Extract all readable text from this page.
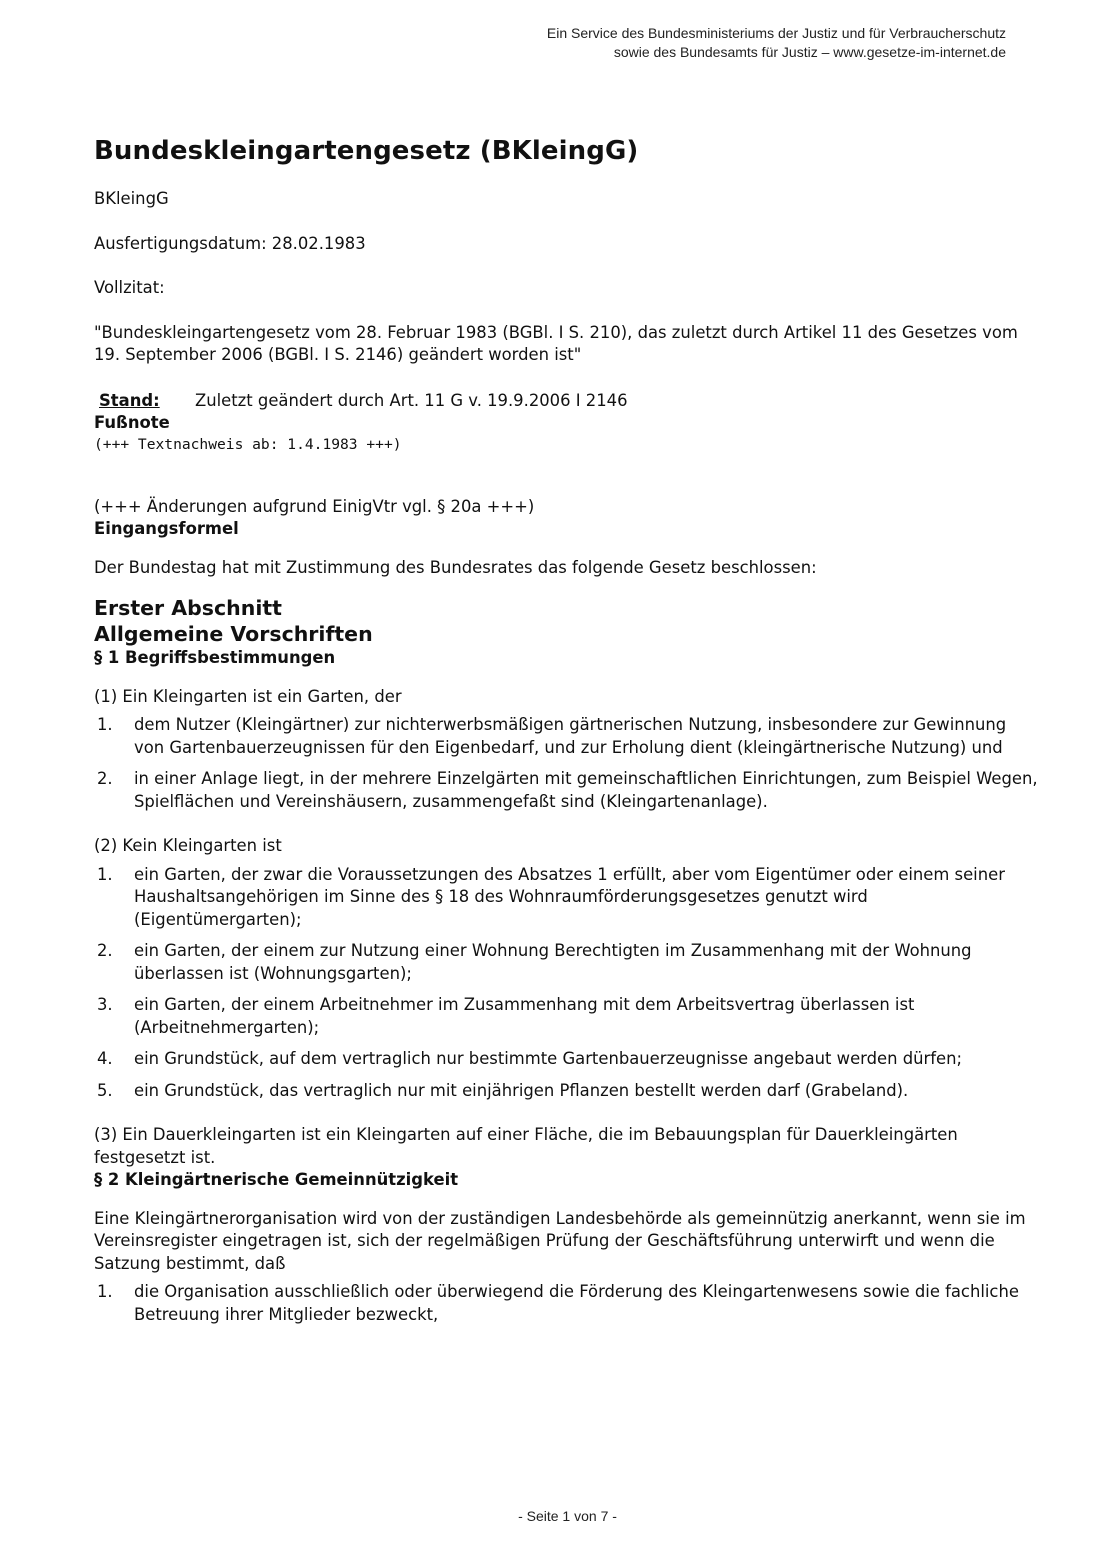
Ein Service des Bundesministeriums der Justiz und für Verbraucherschutz
sowie des Bundesamts für Justiz – www.gesetze-im-internet.de
Bundeskleingartengesetz (BKleingG)

BKleingG

Ausfertigungsdatum: 28.02.1983

Vollzitat:

"Bundeskleingartengesetz vom 28. Februar 1983 (BGBl. I S. 210), das zuletzt durch Artikel 11 des Gesetzes vom 19. September 2006 (BGBl. I S. 2146) geändert worden ist"

Stand:	Zuletzt geändert durch Art. 11 G v. 19.9.2006 I 2146

Fußnote

(+++ Textnachweis ab: 1.4.1983 +++)

(+++ Änderungen aufgrund EinigVtr vgl. § 20a +++)

Eingangsformel

Der Bundestag hat mit Zustimmung des Bundesrates das folgende Gesetz beschlossen:

Erster Abschnitt
Allgemeine Vorschriften

§ 1 Begriffsbestimmungen

(1) Ein Kleingarten ist ein Garten, der

1.	dem Nutzer (Kleingärtner) zur nichterwerbsmäßigen gärtnerischen Nutzung, insbesondere zur Gewinnung von Gartenbauerzeugnissen für den Eigenbedarf, und zur Erholung dient (kleingärtnerische Nutzung) und
2.	in einer Anlage liegt, in der mehrere Einzelgärten mit gemeinschaftlichen Einrichtungen, zum Beispiel Wegen, Spielflächen und Vereinshäusern, zusammengefaßt sind (Kleingartenanlage).

(2) Kein Kleingarten ist

1.	ein Garten, der zwar die Voraussetzungen des Absatzes 1 erfüllt, aber vom Eigentümer oder einem seiner Haushaltsangehörigen im Sinne des § 18 des Wohnraumförderungsgesetzes genutzt wird (Eigentümergarten);
2.	ein Garten, der einem zur Nutzung einer Wohnung Berechtigten im Zusammenhang mit der Wohnung überlassen ist (Wohnungsgarten);
3.	ein Garten, der einem Arbeitnehmer im Zusammenhang mit dem Arbeitsvertrag überlassen ist (Arbeitnehmergarten);
4.	ein Grundstück, auf dem vertraglich nur bestimmte Gartenbauerzeugnisse angebaut werden dürfen;
5.	ein Grundstück, das vertraglich nur mit einjährigen Pflanzen bestellt werden darf (Grabeland).

(3) Ein Dauerkleingarten ist ein Kleingarten auf einer Fläche, die im Bebauungsplan für Dauerkleingärten festgesetzt ist.

§ 2 Kleingärtnerische Gemeinnützigkeit

Eine Kleingärtnerorganisation wird von der zuständigen Landesbehörde als gemeinnützig anerkannt, wenn sie im Vereinsregister eingetragen ist, sich der regelmäßigen Prüfung der Geschäftsführung unterwirft und wenn die Satzung bestimmt, daß

1.	die Organisation ausschließlich oder überwiegend die Förderung des Kleingartenwesens sowie die fachliche Betreuung ihrer Mitglieder bezweckt,
- Seite 1 von 7 -
